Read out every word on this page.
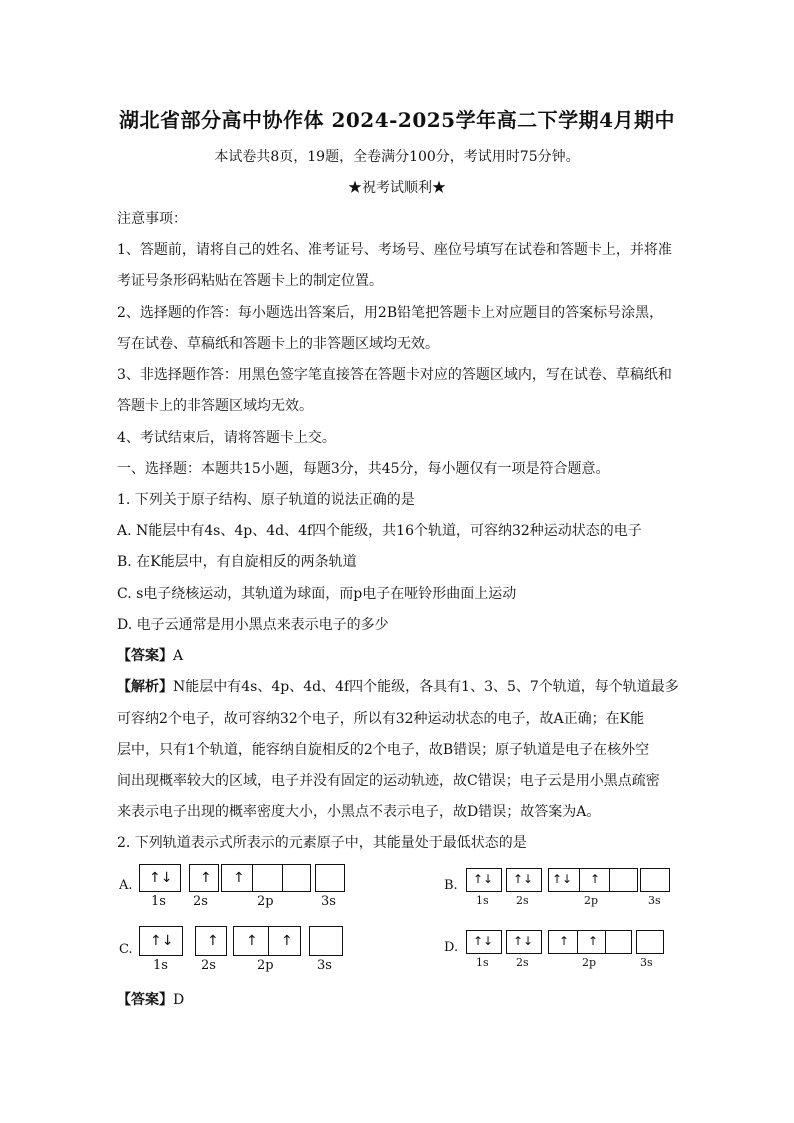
湖北省部分高中协作体 2024-2025学年高二下学期4月期中
本试卷共8页，19题，全卷满分100分，考试用时75分钟。
★祝考试顺利★
注意事项：
1、答题前，请将自己的姓名、准考证号、考场号、座位号填写在试卷和答题卡上，并将准
考证号条形码粘贴在答题卡上的制定位置。
2、选择题的作答：每小题选出答案后，用2B铅笔把答题卡上对应题目的答案标号涂黑，
写在试卷、草稿纸和答题卡上的非答题区域均无效。
3、非选择题作答：用黑色签字笔直接答在答题卡对应的答题区域内，写在试卷、草稿纸和
答题卡上的非答题区域均无效。
4、考试结束后，请将答题卡上交。
一、选择题：本题共15小题，每题3分，共45分，每小题仅有一项是符合题意。
1. 下列关于原子结构、原子轨道的说法正确的是
A. N能层中有4s、4p、4d、4f四个能级，共16个轨道，可容纳32种运动状态的电子
B. 在K能层中，有自旋相反的两条轨道
C. s电子绕核运动，其轨道为球面，而p电子在哑铃形曲面上运动
D. 电子云通常是用小黑点来表示电子的多少
【答案】A
【解析】N能层中有4s、4p、4d、4f四个能级，各具有1、3、5、7个轨道，每个轨道最多
可容纳2个电子，故可容纳32个电子，所以有32种运动状态的电子，故A正确；在K能
层中，只有1个轨道，能容纳自旋相反的2个电子，故B错误；原子轨道是电子在核外空
间出现概率较大的区域，电子并没有固定的运动轨迹，故C错误；电子云是用小黑点疏密
来表示电子出现的概率密度大小，小黑点不表示电子，故D错误；故答案为A。
2. 下列轨道表示式所表示的元素原子中，其能量处于最低状态的是
A. ↑↓ ↑ ↑
1s 2s	2p	3s
B. ↑↓ ↑↓ ↑↓ ↑
1s 2s	2p	3s
C.
↑↓ ↑ ↑ ↑
1s	2s	2p	3s
D. ↑↓ ↑↓ ↑ ↑
1s 2s	2p	3s
【答案】D
